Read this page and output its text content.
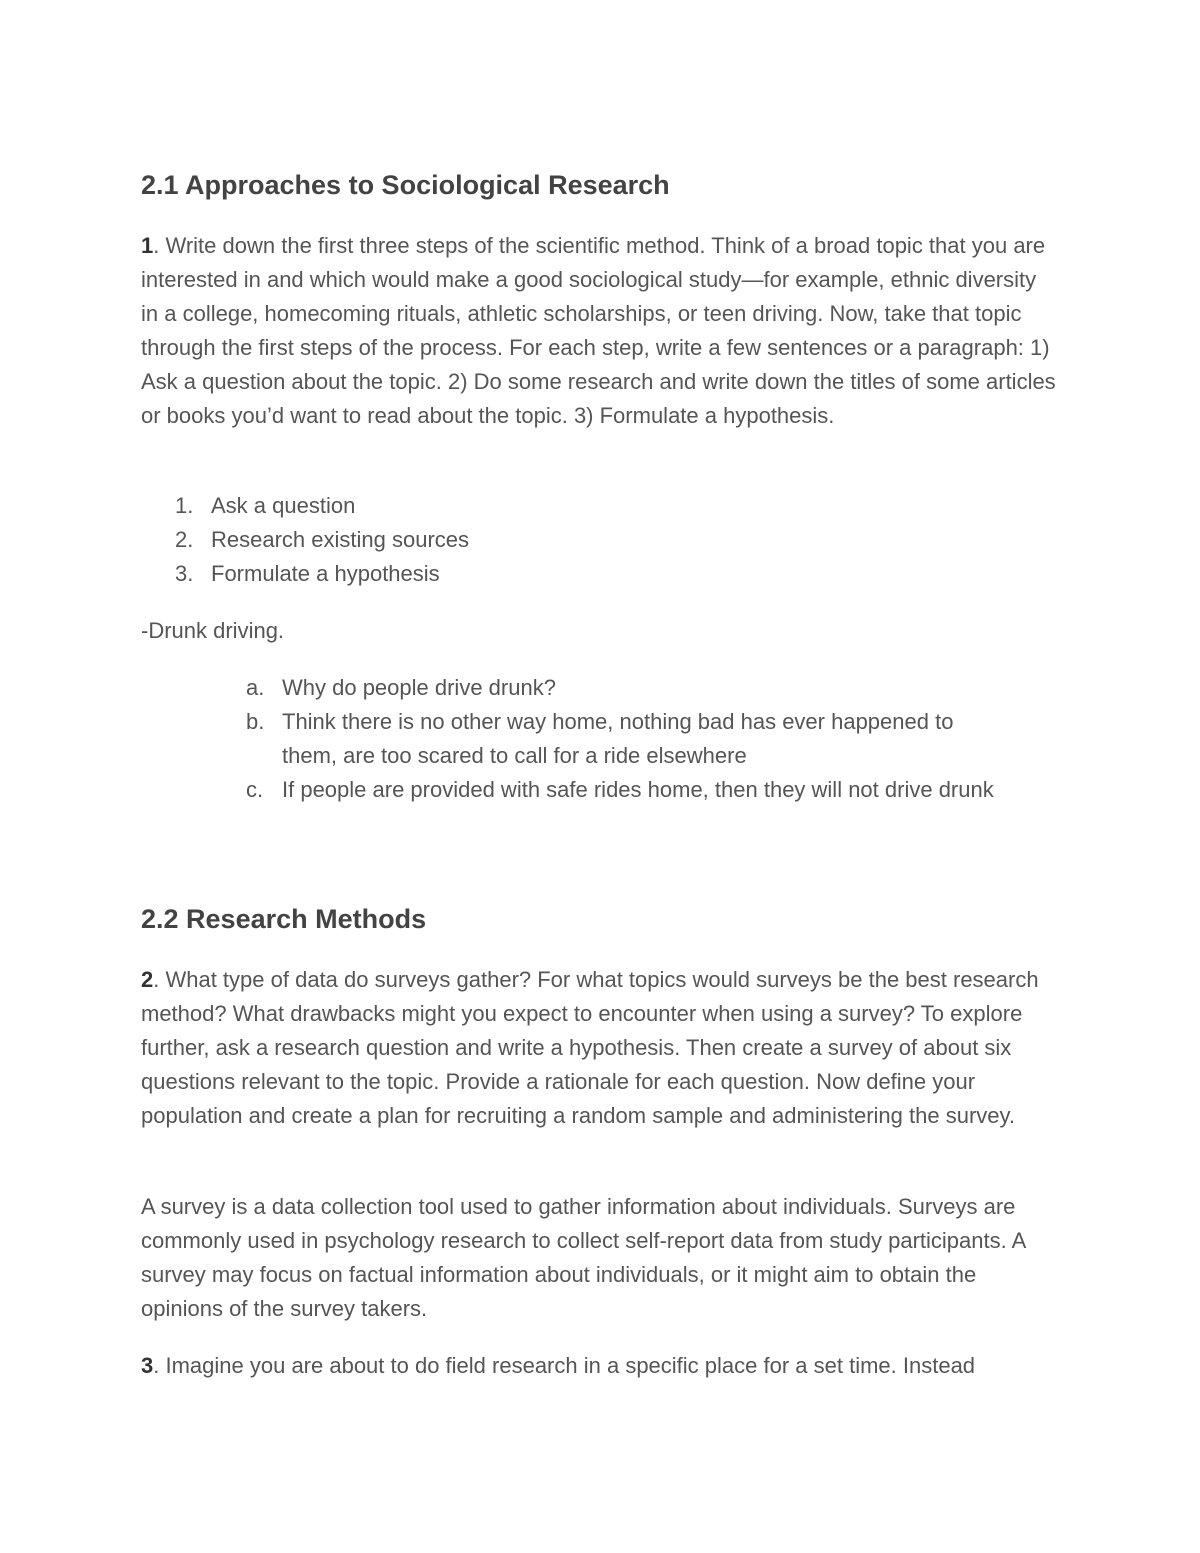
2.1 Approaches to Sociological Research

1. Write down the first three steps of the scientific method. Think of a broad topic that you are interested in and which would make a good sociological study—for example, ethnic diversity in a college, homecoming rituals, athletic scholarships, or teen driving. Now, take that topic through the first steps of the process. For each step, write a few sentences or a paragraph: 1) Ask a question about the topic. 2) Do some research and write down the titles of some articles or books you’d want to read about the topic. 3) Formulate a hypothesis.

1. Ask a question
2. Research existing sources
3. Formulate a hypothesis

-Drunk driving.

a. Why do people drive drunk?
b. Think there is no other way home, nothing bad has ever happened to them, are too scared to call for a ride elsewhere
c. If people are provided with safe rides home, then they will not drive drunk
2.2 Research Methods

2. What type of data do surveys gather? For what topics would surveys be the best research method? What drawbacks might you expect to encounter when using a survey? To explore further, ask a research question and write a hypothesis. Then create a survey of about six questions relevant to the topic. Provide a rationale for each question. Now define your population and create a plan for recruiting a random sample and administering the survey.

A survey is a data collection tool used to gather information about individuals. Surveys are commonly used in psychology research to collect self-report data from study participants. A survey may focus on factual information about individuals, or it might aim to obtain the opinions of the survey takers.

3. Imagine you are about to do field research in a specific place for a set time. Instead
